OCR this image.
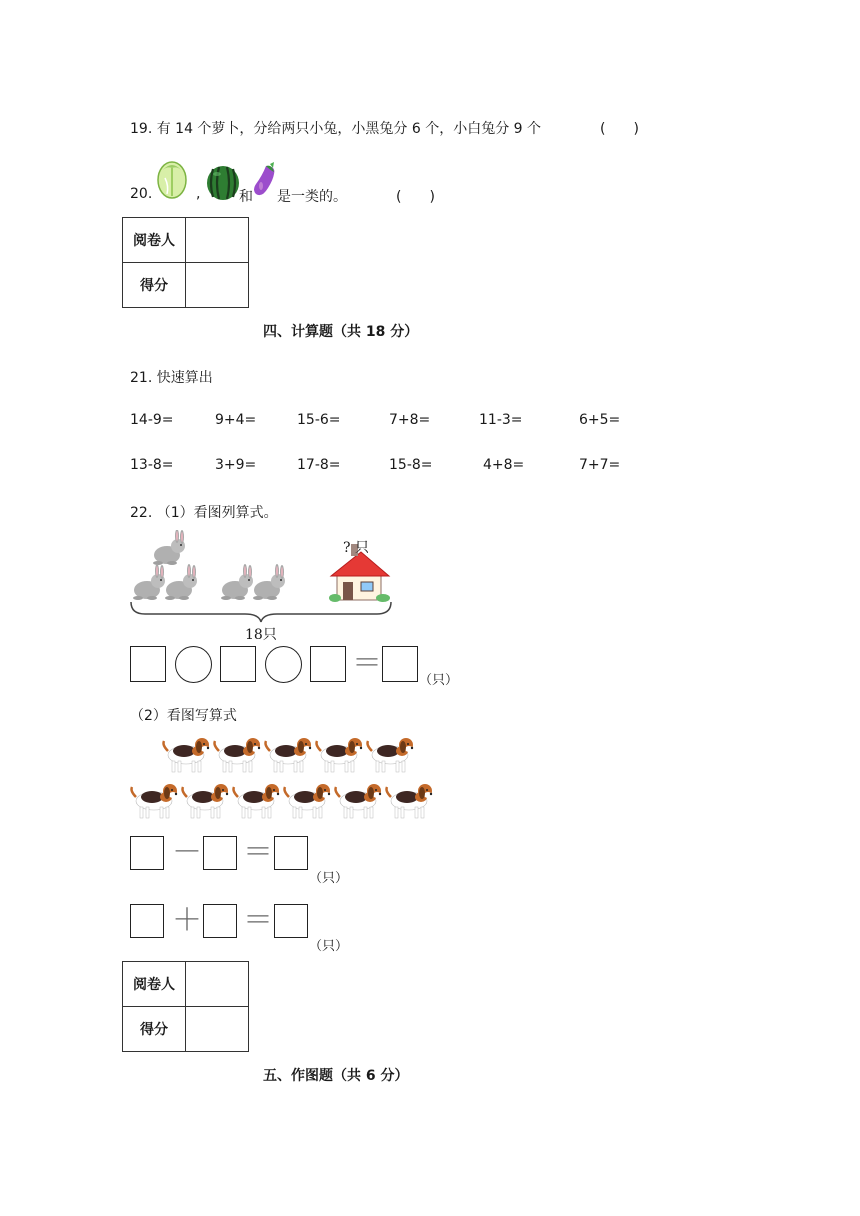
19. 有 14 个萝卜，分给两只小兔，小黑兔分 6 个，小白兔分 9 个	(　　)
20.	,	和 是一类的。	(　　)
阅卷人	
得分	
四、计算题（共 18 分）
21. 快速算出
14-9=	9+4=	15-6=	7+8=	11-3=	6+5=
13-8=	3+9=	17-8=	15-8=	4+8=	7+7=
22. （1）看图列算式。
? 只
18只
＝	（只）
（2）看图写算式
－ ＝
（只）
＋ ＝
（只）
阅卷人	
得分	
五、作图题（共 6 分）
